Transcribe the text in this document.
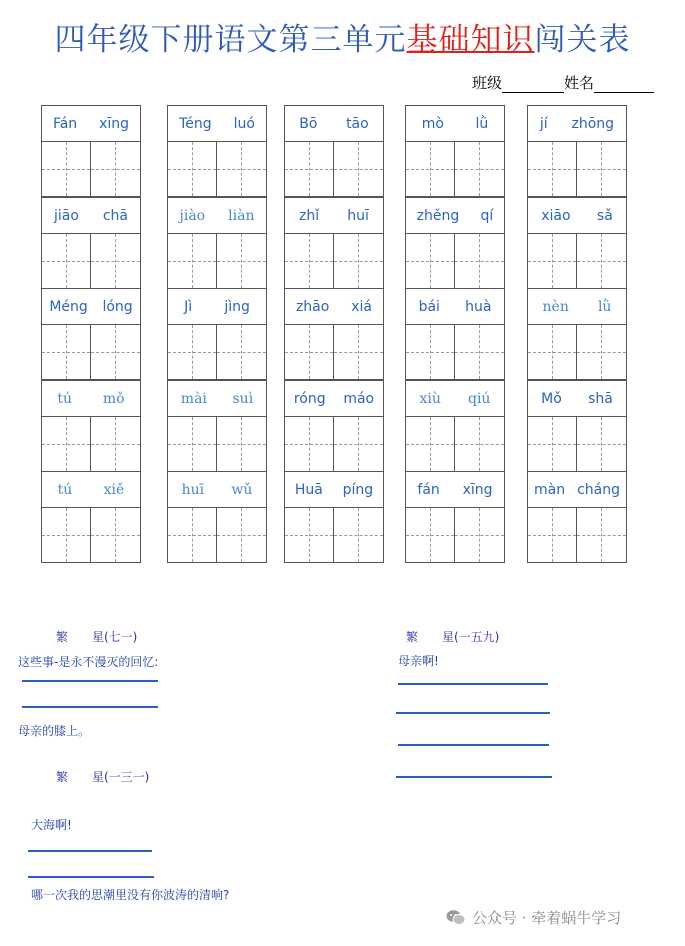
四年级下册语文第三单元基础知识闯关表
班级	姓名
Fán xīng
jiāo chā
Méng lóng
tú mǒ
tú xiě
Téng luó
jiào liàn
Jì jìng
mài suì
huī wǔ
Bō tāo
zhǐ huī
zhāo xiá
róng máo
Huā píng
mò lǜ
zhěng qí
bái huà
xiù qiú
fán xīng
jí zhōng
xiāo sǎ
nèn lǜ
Mǒ shā
màn cháng
繁　　星(七一)
这些事-是永不漫灭的回忆:
母亲的膝上。
繁　　星(一三一)
大海啊!
哪一次我的思潮里没有你波涛的清响?
繁　　星(一五九)
母亲啊!
公众号 · 牵着蜗牛学习
